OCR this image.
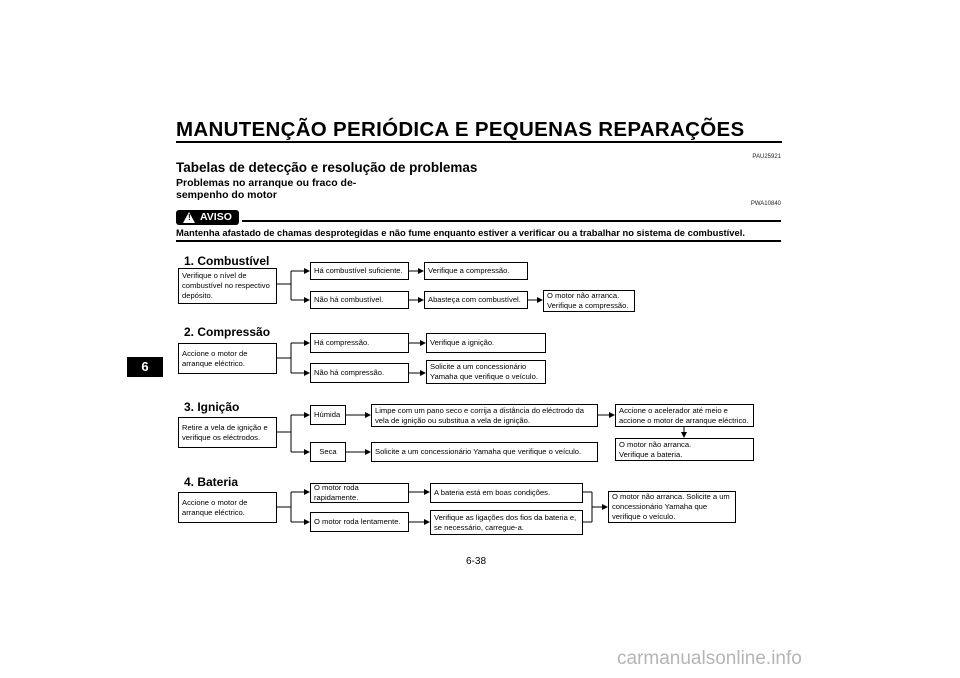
MANUTENÇÃO PERIÓDICA E PEQUENAS REPARAÇÕES
6
PAU25921
Tabelas de detecção e resolução de problemas
Problemas no arranque ou fraco de-
sempenho do motor
PWA10840
! AVISO
Mantenha afastado de chamas desprotegidas e não fume enquanto estiver a verificar ou a trabalhar no sistema de combustível.
1. Combustível
Verifique o nível de
combustível no respectivo
depósito.
Há combustível suficiente.	Verifique a compressão.
Não há combustível.	Abasteça com combustível.	O motor não arranca.
Verifique a compressão.
2. Compressão
Accione o motor de
arranque eléctrico.
Há compressão.	Verifique a ignição.
Não há compressão.
Solicite a um concessionário
Yamaha que verifique o veículo.
3. Ignição
Retire a vela de ignição e
verifique os eléctrodos.
Húmida	Limpe com um pano seco e corrija a distância do eléctrodo da
vela de ignição ou substitua a vela de ignição.
Accione o acelerador até meio e
accione o motor de arranque eléctrico.
O motor não arranca.
Verifique a bateria.
Seca	Solicite a um concessionário Yamaha que verifique o veículo.
4. Bateria
Accione o motor de
arranque eléctrico.
O motor roda rapidamente.
A bateria está em boas condições.
O motor roda lentamente.	Verifique as ligações dos fios da bateria e,
se necessário, carregue-a.
O motor não arranca. Solicite a um
concessionário Yamaha que
verifique o veículo.
6-38
carmanualsonline.info
